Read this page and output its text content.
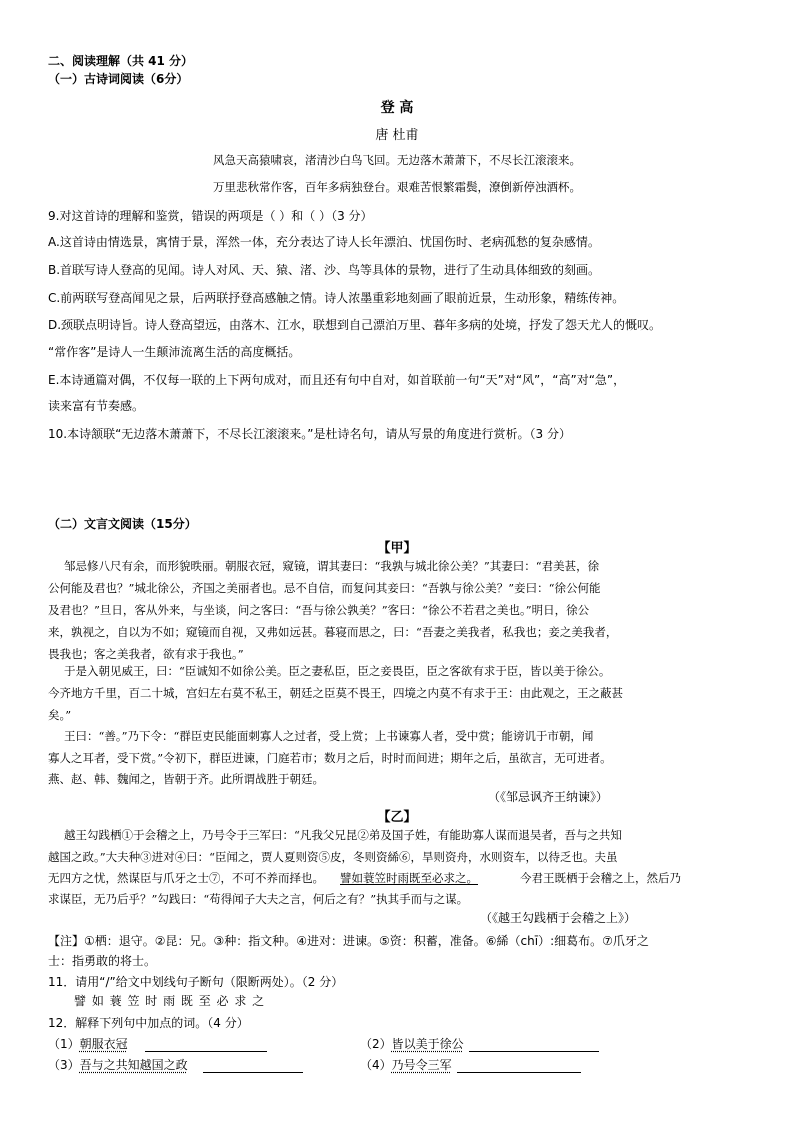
二、阅读理解（共 41 分）
（一）古诗词阅读（6分）
登 高
唐 杜甫
风急天高猿啸哀，渚清沙白鸟飞回。无边落木萧萧下，不尽长江滚滚来。
万里悲秋常作客，百年多病独登台。艰难苦恨繁霜鬓，潦倒新停浊酒杯。
9.对这首诗的理解和鉴赏，错误的两项是（ ）和（ ）（3 分）
A.这首诗由情选景，寓情于景，浑然一体，充分表达了诗人长年漂泊、忧国伤时、老病孤愁的复杂感情。
B.首联写诗人登高的见闻。诗人对风、天、猿、渚、沙、鸟等具体的景物，进行了生动具体细致的刻画。
C.前两联写登高闻见之景，后两联抒登高感触之情。诗人浓墨重彩地刻画了眼前近景，生动形象，精练传神。
D.颈联点明诗旨。诗人登高望远，由落木、江水，联想到自己漂泊万里、暮年多病的处境，抒发了怨天尤人的慨叹。
“常作客”是诗人一生颠沛流离生活的高度概括。
E.本诗通篇对偶，不仅每一联的上下两句成对，而且还有句中自对，如首联前一句“天”对“风”，“高”对“急”，
读来富有节奏感。
10.本诗颔联“无边落木萧萧下，不尽长江滚滚来。”是杜诗名句，请从写景的角度进行赏析。（3 分）
（二）文言文阅读（15分）
【甲】
邹忌修八尺有余，而形貌昳丽。朝服衣冠，窥镜，谓其妻曰：“我孰与城北徐公美？”其妻曰：“君美甚，徐
公何能及君也？”城北徐公，齐国之美丽者也。忌不自信，而复问其妾曰：“吾孰与徐公美？”妾曰：“徐公何能
及君也？”旦日，客从外来，与坐谈，问之客曰：“吾与徐公孰美？”客曰：“徐公不若君之美也。”明日，徐公
来，孰视之，自以为不如；窥镜而自视，又弗如远甚。暮寝而思之，曰：“吾妻之美我者，私我也；妾之美我者，
畏我也；客之美我者，欲有求于我也。”
于是入朝见威王，曰：“臣诚知不如徐公美。臣之妻私臣，臣之妾畏臣，臣之客欲有求于臣，皆以美于徐公。
今齐地方千里，百二十城，宫妇左右莫不私王，朝廷之臣莫不畏王，四境之内莫不有求于王：由此观之，王之蔽甚
矣。”
王曰：“善。”乃下令：“群臣吏民能面刺寡人之过者，受上赏；上书谏寡人者，受中赏；能谤讥于市朝，闻
寡人之耳者，受下赏。”令初下，群臣进谏，门庭若市；数月之后，时时而间进；期年之后，虽欲言，无可进者。
燕、赵、韩、魏闻之，皆朝于齐。此所谓战胜于朝廷。
（《邹忌讽齐王纳谏》）
【乙】
越王勾践栖①于会稽之上，乃号令于三军曰：“凡我父兄昆②弟及国子姓，有能助寡人谋而退吴者，吾与之共知
越国之政。”大夫种③进对④曰：“臣闻之，贾人夏则资⑤皮，冬则资絺⑥，旱则资舟，水则资车，以待乏也。夫虽
无四方之忧，然谋臣与爪牙之士⑦，不可不养而择也。 譬如蓑笠时雨既至必求之。	今君王既栖于会稽之上，然后乃
求谋臣，无乃后乎？”勾践曰：“苟得闻子大夫之言，何后之有？”执其手而与之谋。
（《越王勾践栖于会稽之上》）
【注】①栖：退守。②昆：兄。③种：指文种。④进对：进谏。⑤资：积蓄，准备。⑥絺（chī）:细葛布。⑦爪牙之
士：指勇敢的将士。
11．请用“/”给文中划线句子断句（限断两处）。（2 分）
譬 如 蓑 笠 时 雨 既 至 必 求 之
12．解释下列句中加点的词。（4 分）
（1）朝服衣冠	（2）皆以美于徐公
（3）吾与之共知越国之政	（4）乃号令三军
